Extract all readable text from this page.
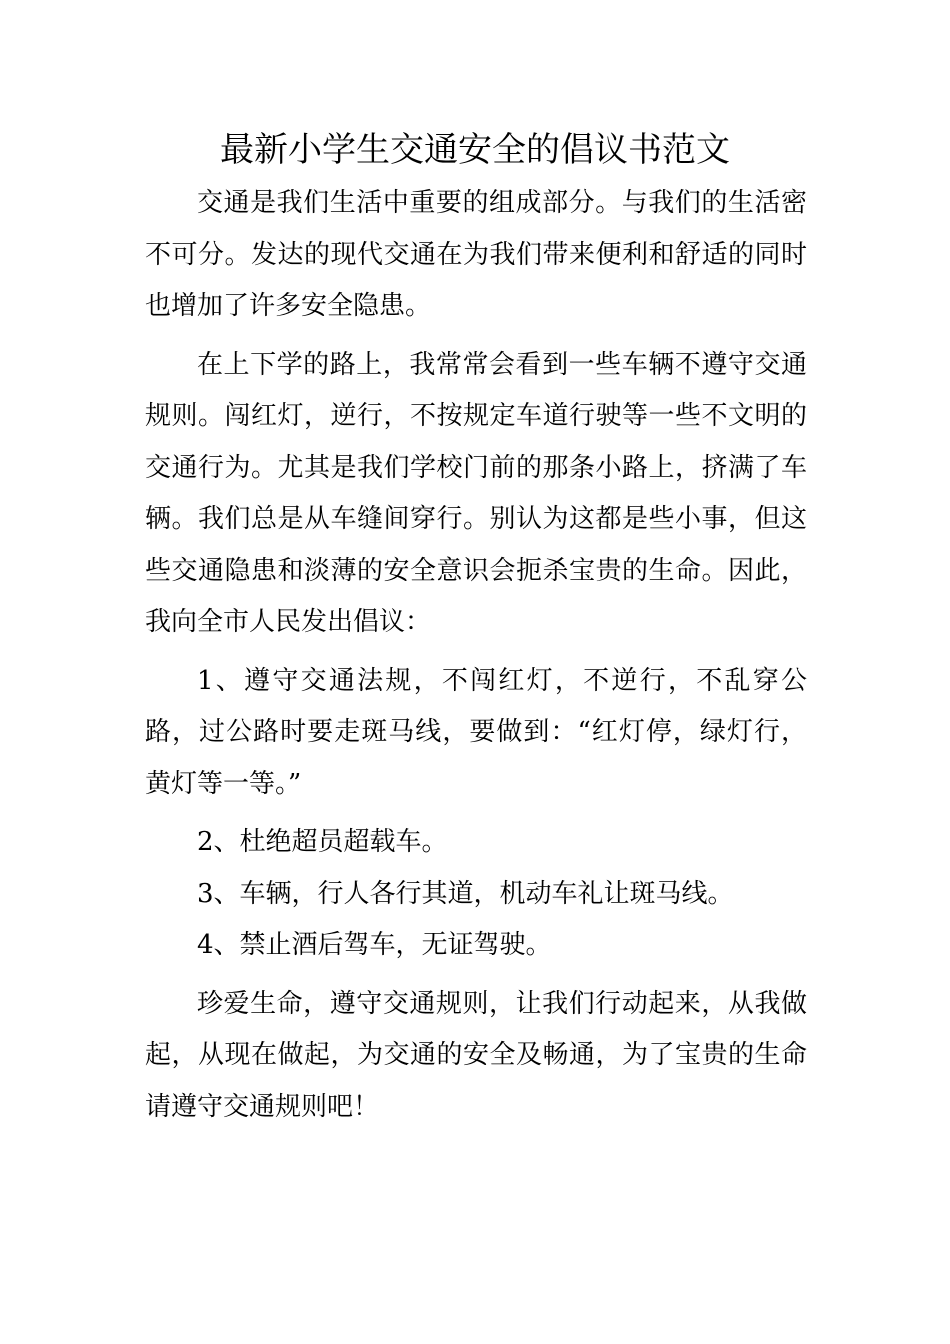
最新小学生交通安全的倡议书范文

交通是我们生活中重要的组成部分。与我们的生活密不可分。发达的现代交通在为我们带来便利和舒适的同时也增加了许多安全隐患。

在上下学的路上，我常常会看到一些车辆不遵守交通规则。闯红灯，逆行，不按规定车道行驶等一些不文明的交通行为。尤其是我们学校门前的那条小路上，挤满了车辆。我们总是从车缝间穿行。别认为这都是些小事，但这些交通隐患和淡薄的安全意识会扼杀宝贵的生命。因此，我向全市人民发出倡议：

1、遵守交通法规，不闯红灯，不逆行，不乱穿公路，过公路时要走斑马线，要做到：“红灯停，绿灯行，黄灯等一等。”

2、杜绝超员超载车。

3、车辆，行人各行其道，机动车礼让斑马线。

4、禁止酒后驾车，无证驾驶。

珍爱生命，遵守交通规则，让我们行动起来，从我做起，从现在做起，为交通的安全及畅通，为了宝贵的生命请遵守交通规则吧！
